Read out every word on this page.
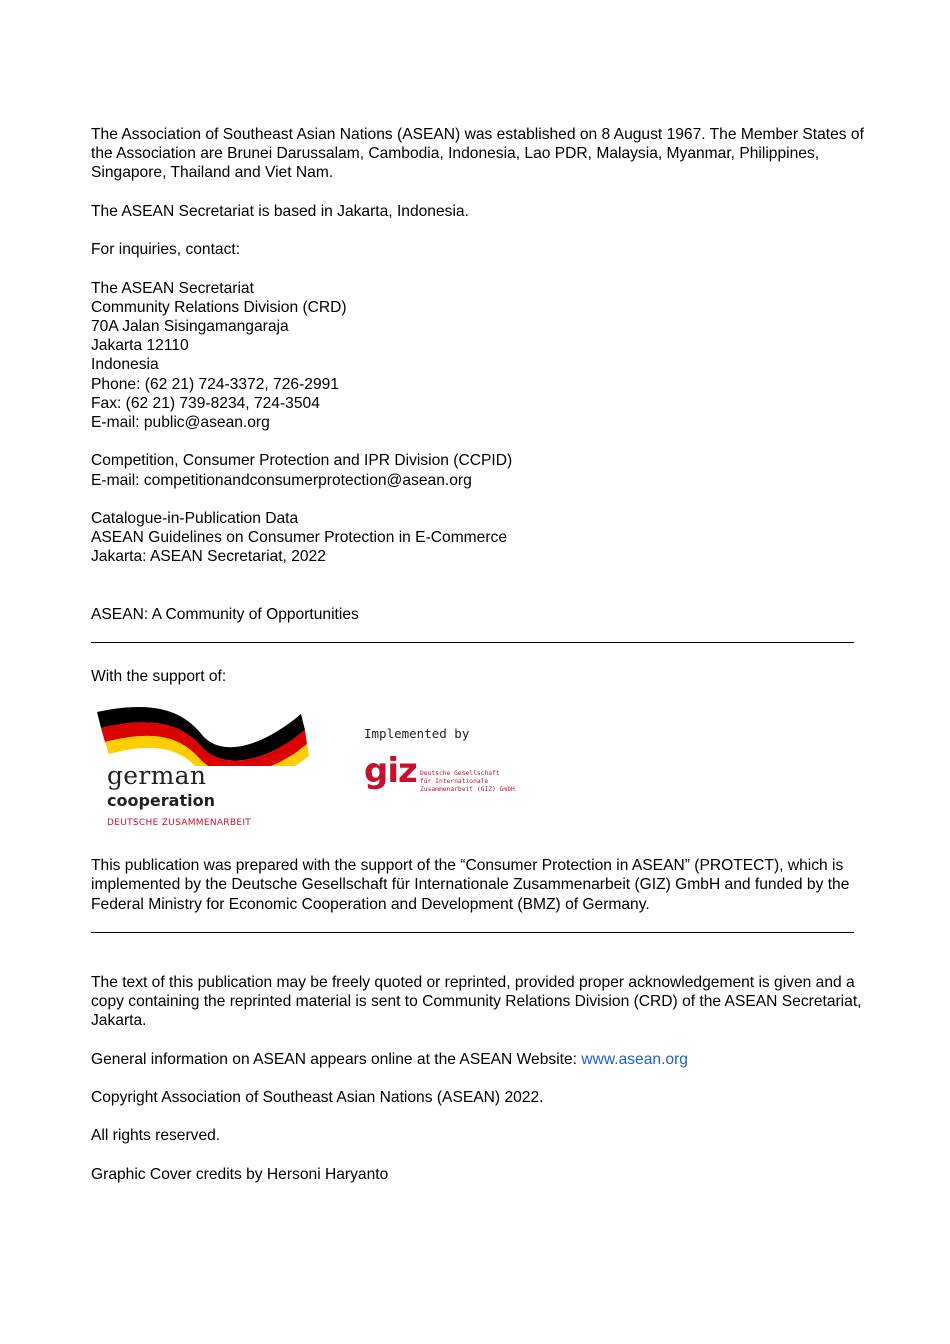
The Association of Southeast Asian Nations (ASEAN) was established on 8 August 1967. The Member States of the Association are Brunei Darussalam, Cambodia, Indonesia, Lao PDR, Malaysia, Myanmar, Philippines, Singapore, Thailand and Viet Nam.

The ASEAN Secretariat is based in Jakarta, Indonesia.

For inquiries, contact:

The ASEAN Secretariat

Community Relations Division (CRD)

70A Jalan Sisingamangaraja

Jakarta 12110

Indonesia

Phone: (62 21) 724-3372, 726-2991

Fax: (62 21) 739-8234, 724-3504

E-mail: public@asean.org

Competition, Consumer Protection and IPR Division (CCPID)

E-mail: competitionandconsumerprotection@asean.org

Catalogue-in-Publication Data

ASEAN Guidelines on Consumer Protection in E-Commerce

Jakarta: ASEAN Secretariat, 2022

ASEAN: A Community of Opportunities

With the support of:

german
cooperation
DEUTSCHE ZUSAMMENARBEIT
Implemented by
giz Deutsche Gesellschaft
für Internationale
Zusammenarbeit (GIZ) GmbH

This publication was prepared with the support of the “Consumer Protection in ASEAN” (PROTECT), which is implemented by the Deutsche Gesellschaft für Internationale Zusammenarbeit (GIZ) GmbH and funded by the Federal Ministry for Economic Cooperation and Development (BMZ) of Germany.

The text of this publication may be freely quoted or reprinted, provided proper acknowledgement is given and a copy containing the reprinted material is sent to Community Relations Division (CRD) of the ASEAN Secretariat, Jakarta.

General information on ASEAN appears online at the ASEAN Website: www.asean.org

Copyright Association of Southeast Asian Nations (ASEAN) 2022.

All rights reserved.

Graphic Cover credits by Hersoni Haryanto
